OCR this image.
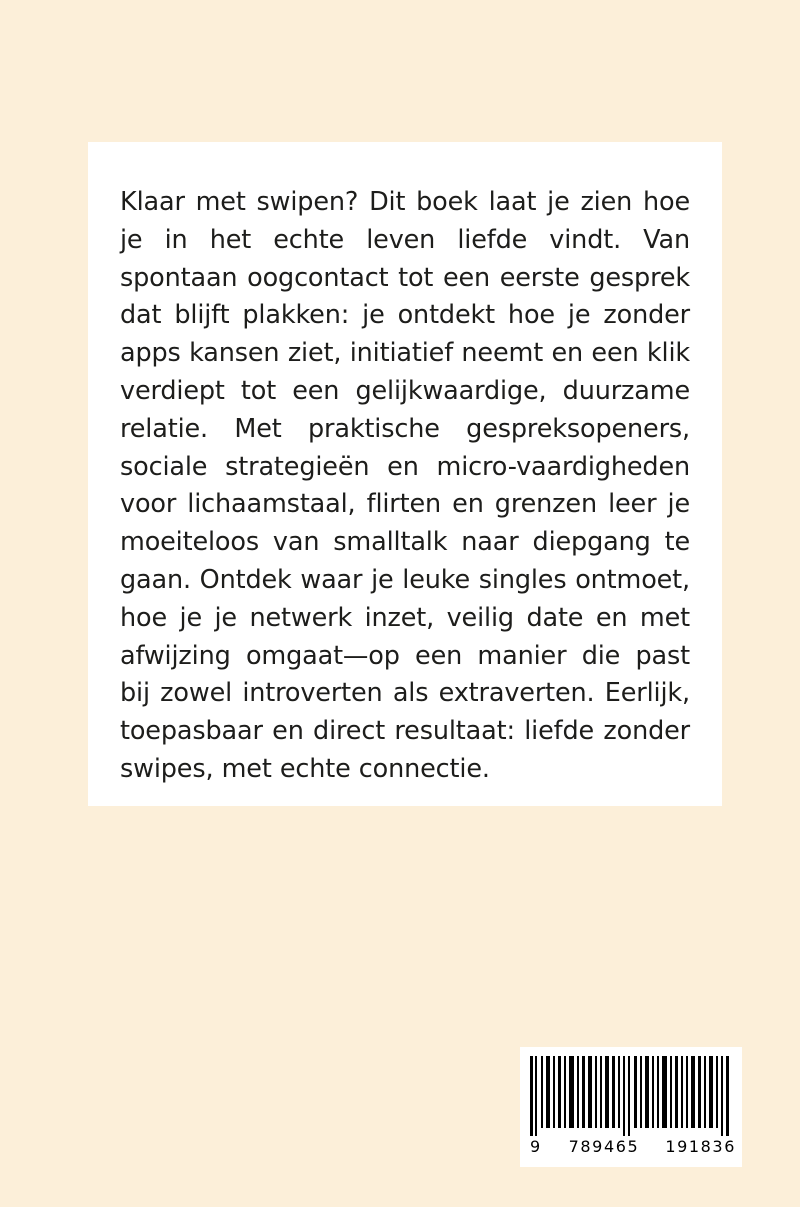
Klaar met swipen? Dit boek laat je zien hoe je in het echte leven liefde vindt. Van spontaan oogcontact tot een eerste gesprek dat blijft plakken: je ontdekt hoe je zonder apps kansen ziet, initiatief neemt en een klik verdiept tot een gelijkwaardige, duurzame relatie. Met praktische gespreksopeners, sociale strategieën en micro-vaardigheden voor lichaamstaal, flirten en grenzen leer je moeiteloos van smalltalk naar diepgang te gaan. Ontdek waar je leuke singles ontmoet, hoe je je netwerk inzet, veilig date en met afwijzing omgaat—op een manier die past bij zowel introverten als extraverten. Eerlijk, toepasbaar en direct resultaat: liefde zonder swipes, met echte connectie.

9 789465 191836
